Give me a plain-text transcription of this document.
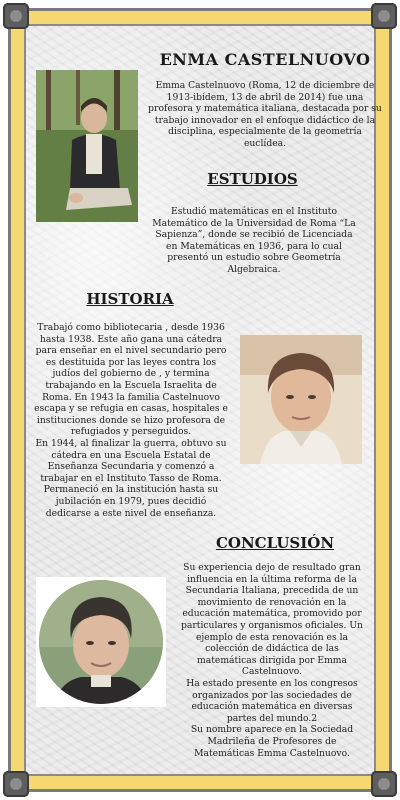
ENMA CASTELNUOVO
Emma Castelnuovo (Roma, 12 de diciembre de 1913-ibídem, 13 de abril de 2014) fue una profesora y matemática italiana, destacada por su trabajo innovador en el enfoque didáctico de la disciplina, especialmente de la geometría euclídea.
ESTUDIOS
Estudió matemáticas en el Instituto Matemático de la Universidad de Roma “La Sapienza”, donde se recibió de Licenciada en Matemáticas en 1936, para lo cual presentó un estudio sobre Geometría Algebraica.
HISTORIA
Trabajó como bibliotecaria , desde 1936 hasta 1938. Este año gana una cátedra para enseñar en el nivel secundario pero es destituida por las leyes contra los judíos del gobierno de , y termina trabajando en la Escuela Israelita de Roma. En 1943 la familia Castelnuovo escapa y se refugia en casas, hospitales e instituciones donde se hizo profesora de refugiados y perseguidos.
En 1944, al finalizar la guerra, obtuvo su cátedra en una Escuela Estatal de Enseñanza Secundaria y comenzó a trabajar en el Instituto Tasso de Roma. Permaneció en la institución hasta su jubilación en 1979, pues decidió dedicarse a este nivel de enseñanza.
CONCLUSIÓN
Su experiencia dejo de resultado gran influencia en la última reforma de la Secundaria Italiana, precedida de un movimiento de renovación en la educación matemática, promovido por particulares y organismos oficiales. Un ejemplo de esta renovación es la colección de didáctica de las matemáticas dirigida por Emma Castelnuovo.
Ha estado presente en los congresos organizados por las sociedades de educación matemática en diversas partes del mundo.2
Su nombre aparece en la Sociedad Madrileña de Profesores de Matemáticas Emma Castelnuovo.
